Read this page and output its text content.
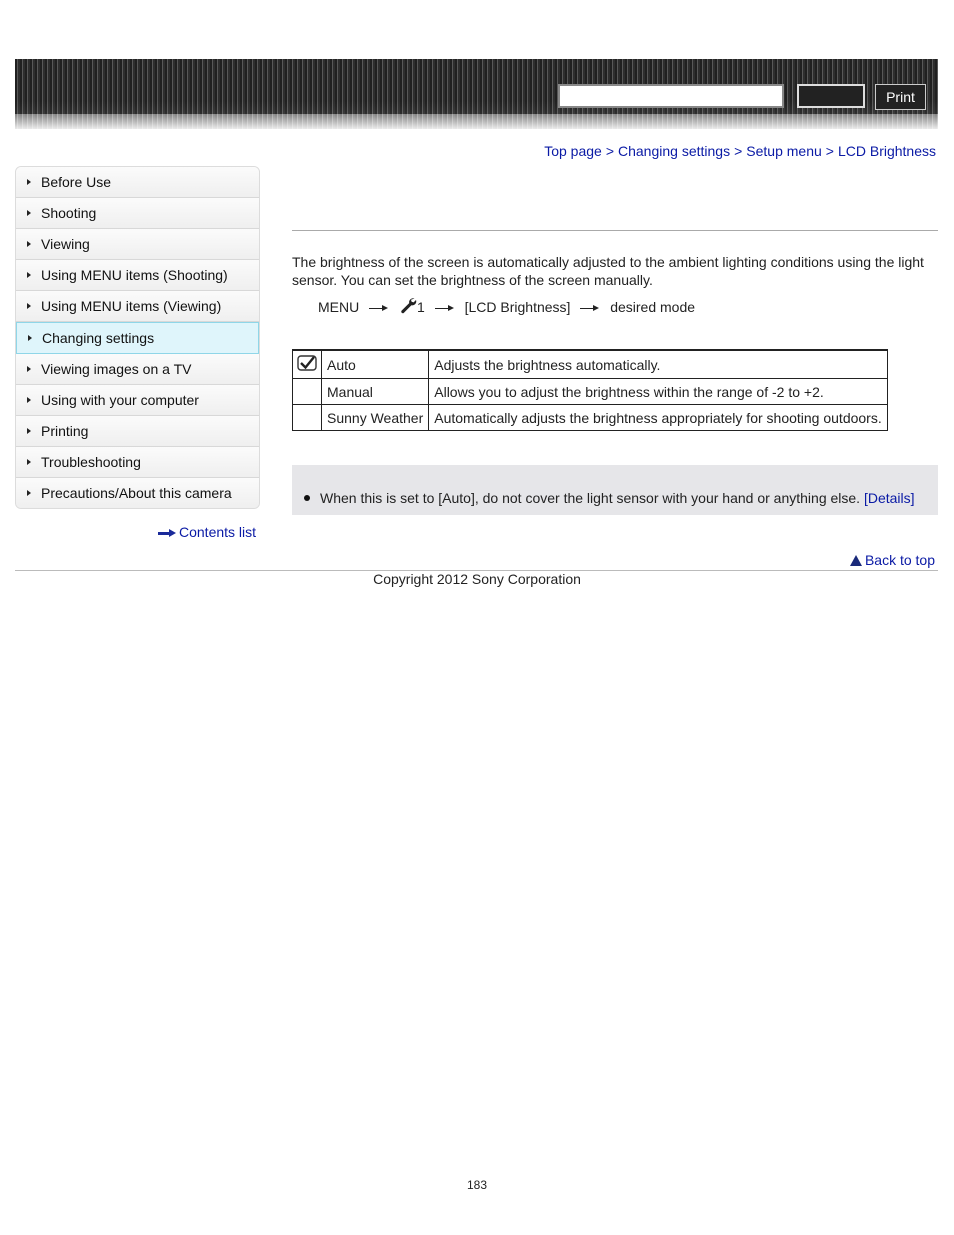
Print
Top page > Changing settings > Setup menu > LCD Brightness
Before Use
Shooting
Viewing
Using MENU items (Shooting)
Using MENU items (Viewing)
Changing settings
Viewing images on a TV
Using with your computer
Printing
Troubleshooting
Precautions/About this camera
Contents list
The brightness of the screen is automatically adjusted to the ambient lighting conditions using the light sensor. You can set the brightness of the screen manually.
MENU	1	[LCD Brightness]	desired mode
	Auto	Adjusts the brightness automatically.
	Manual	Allows you to adjust the brightness within the range of -2 to +2.
	Sunny Weather	Automatically adjusts the brightness appropriately for shooting outdoors.
When this is set to [Auto], do not cover the light sensor with your hand or anything else. [Details]
Back to top
Copyright 2012 Sony Corporation
183
